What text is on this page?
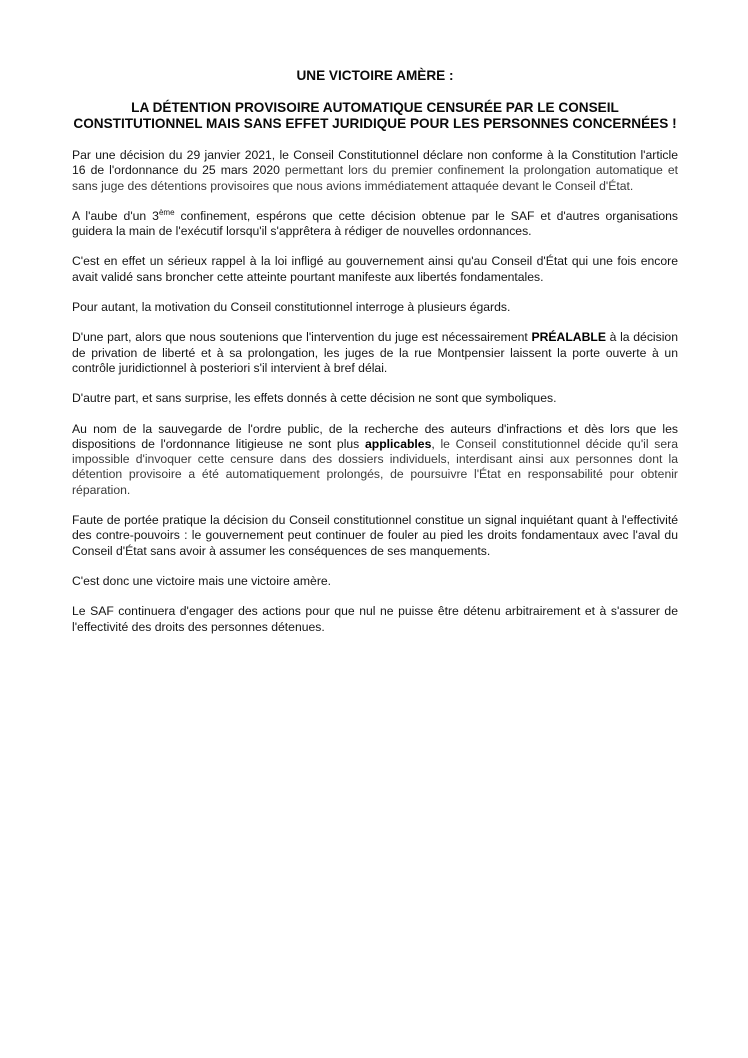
UNE VICTOIRE AMÈRE :
LA DÉTENTION PROVISOIRE AUTOMATIQUE CENSURÉE PAR LE CONSEIL CONSTITUTIONNEL MAIS SANS EFFET JURIDIQUE POUR LES PERSONNES CONCERNÉES !

Par une décision du 29 janvier 2021, le Conseil Constitutionnel déclare non conforme à la Constitution l'article 16 de l'ordonnance du 25 mars 2020 permettant lors du premier confinement la prolongation automatique et sans juge des détentions provisoires que nous avions immédiatement attaquée devant le Conseil d'État.

A l'aube d'un 3ème confinement, espérons que cette décision obtenue par le SAF et d'autres organisations guidera la main de l'exécutif lorsqu'il s'apprêtera à rédiger de nouvelles ordonnances.

C'est en effet un sérieux rappel à la loi infligé au gouvernement ainsi qu'au Conseil d'État qui une fois encore avait validé sans broncher cette atteinte pourtant manifeste aux libertés fondamentales.

Pour autant, la motivation du Conseil constitutionnel interroge à plusieurs égards.

D'une part, alors que nous soutenions que l'intervention du juge est nécessairement PRÉALABLE à la décision de privation de liberté et à sa prolongation, les juges de la rue Montpensier laissent la porte ouverte à un contrôle juridictionnel à posteriori s'il intervient à bref délai.

D'autre part, et sans surprise, les effets donnés à cette décision ne sont que symboliques.

Au nom de la sauvegarde de l'ordre public, de la recherche des auteurs d'infractions et dès lors que les dispositions de l'ordonnance litigieuse ne sont plus applicables, le Conseil constitutionnel décide qu'il sera impossible d'invoquer cette censure dans des dossiers individuels, interdisant ainsi aux personnes dont la détention provisoire a été automatiquement prolongés, de poursuivre l'État en responsabilité pour obtenir réparation.

Faute de portée pratique la décision du Conseil constitutionnel constitue un signal inquiétant quant à l'effectivité des contre-pouvoirs : le gouvernement peut continuer de fouler au pied les droits fondamentaux avec l'aval du Conseil d'État sans avoir à assumer les conséquences de ses manquements.

C'est donc une victoire mais une victoire amère.

Le SAF continuera d'engager des actions pour que nul ne puisse être détenu arbitrairement et à s'assurer de l'effectivité des droits des personnes détenues.
